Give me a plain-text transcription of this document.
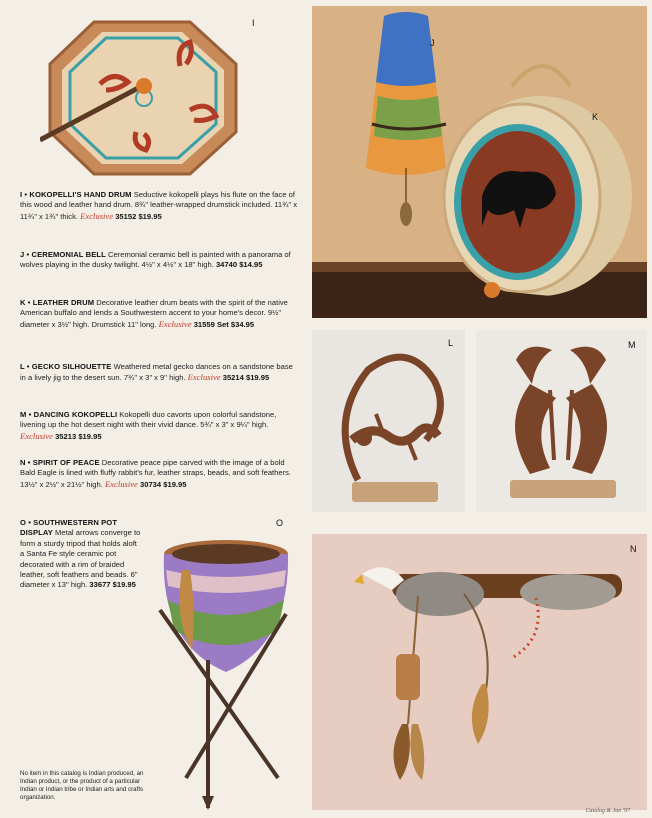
I
J
K
L	M
N
O
I • KOKOPELLI'S HAND DRUM Seductive kokopelli plays his flute on the face of this wood and leather hand drum. 8¾" leather-wrapped drumstick included. 11¾" x 11¾" x 1¾" thick. Exclusive 35152 $19.95
J • CEREMONIAL BELL Ceremonial ceramic bell is painted with a panorama of wolves playing in the dusky twilight. 4½" x 4½" x 18" high. 34740 $14.95
K • LEATHER DRUM Decorative leather drum beats with the spirit of the native American buffalo and lends a Southwestern accent to your home's decor. 9½" diameter x 3½" high. Drumstick 11" long. Exclusive 31559 Set $34.95
L • GECKO SILHOUETTE Weathered metal gecko dances on a sandstone base in a lively jig to the desert sun. 7¾" x 3" x 9" high. Exclusive 35214 $19.95
M • DANCING KOKOPELLI Kokopelli duo cavorts upon colorful sandstone, livening up the hot desert night with their vivid dance. 5¾" x 3" x 9¼" high. Exclusive 35213 $19.95
N • SPIRIT OF PEACE Decorative peace pipe carved with the image of a bold Bald Eagle is lined with fluffy rabbit's fur, leather straps, beads, and soft feathers. 13½" x 2½" x 21½" high. Exclusive 30734 $19.95
O • SOUTHWESTERN POT DISPLAY Metal arrows converge to form a sturdy tripod that holds aloft a Santa Fe style ceramic pot decorated with a rim of braided leather, soft feathers and beads. 6" diameter x 13" high. 33677 $19.95
No item in this catalog is Indian produced, an Indian product, or the product of a particular Indian or Indian tribe or Indian arts and crafts organization.
Catalog & Jan '97
